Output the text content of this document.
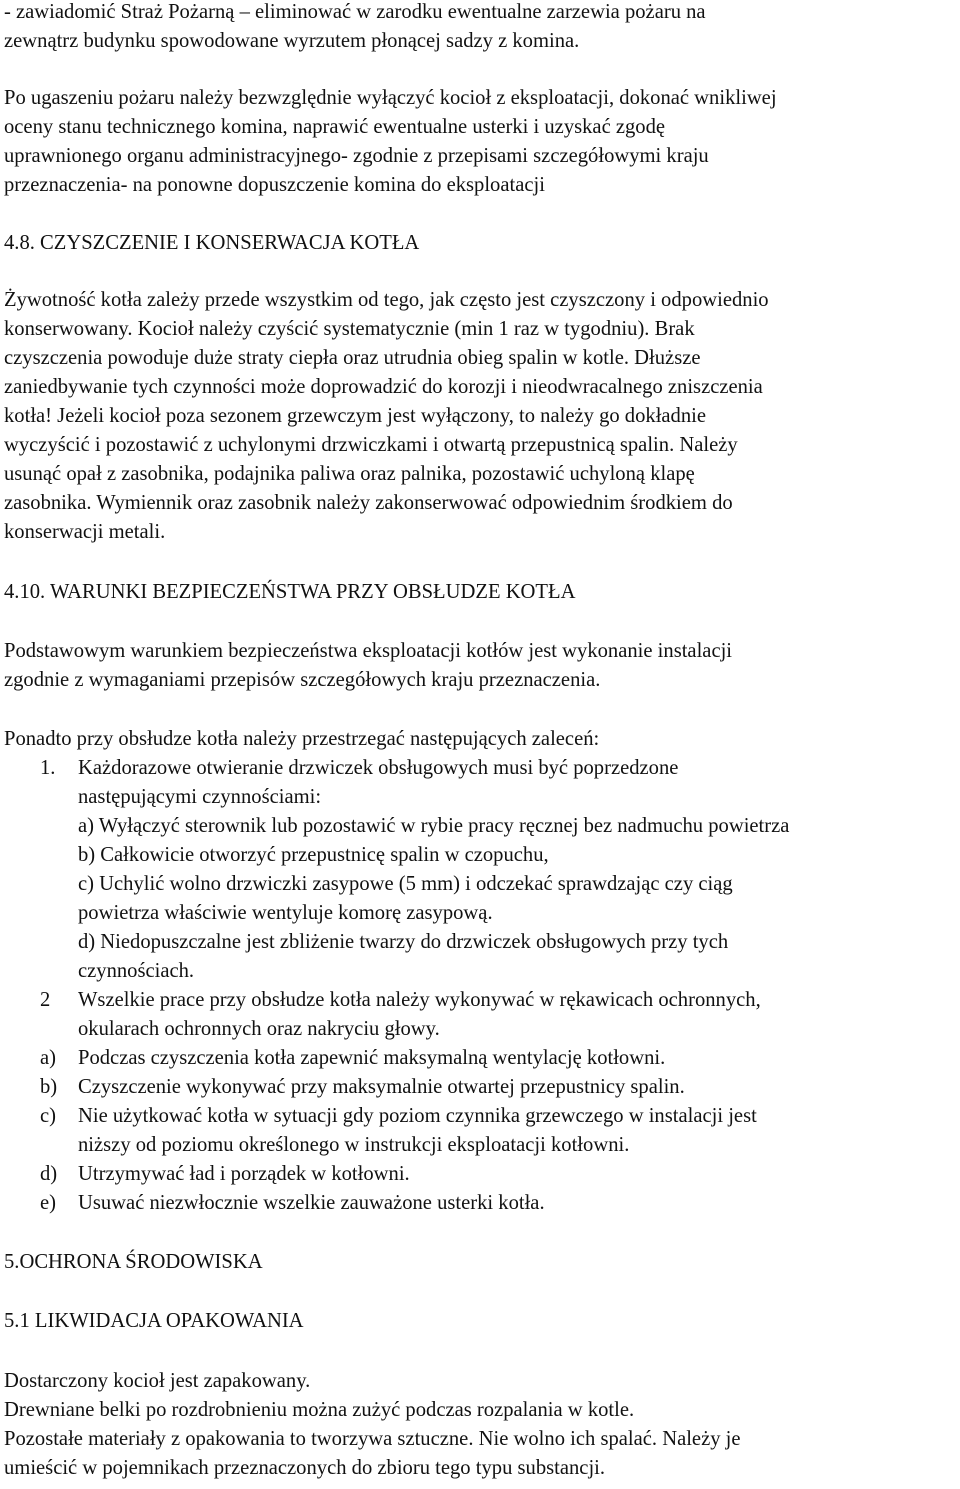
- zawiadomić Straż Pożarną – eliminować w zarodku ewentualne zarzewia pożaru na
zewnątrz budynku spowodowane wyrzutem płonącej sadzy z komina.
Po ugaszeniu pożaru należy bezwzględnie wyłączyć kocioł z eksploatacji, dokonać wnikliwej
oceny stanu technicznego komina, naprawić ewentualne usterki i uzyskać zgodę
uprawnionego organu administracyjnego- zgodnie z przepisami szczegółowymi kraju
przeznaczenia- na ponowne dopuszczenie komina do eksploatacji
4.8. CZYSZCZENIE I KONSERWACJA KOTŁA
Żywotność kotła zależy przede wszystkim od tego, jak często jest czyszczony i odpowiednio
konserwowany. Kocioł należy czyścić systematycznie (min 1 raz w tygodniu). Brak
czyszczenia powoduje duże straty ciepła oraz utrudnia obieg spalin w kotle. Dłuższe
zaniedbywanie tych czynności może doprowadzić do korozji i nieodwracalnego zniszczenia
kotła! Jeżeli kocioł poza sezonem grzewczym jest wyłączony, to należy go dokładnie
wyczyścić i pozostawić z uchylonymi drzwiczkami i otwartą przepustnicą spalin. Należy
usunąć opał z zasobnika, podajnika paliwa oraz palnika, pozostawić uchyloną klapę
zasobnika. Wymiennik oraz zasobnik należy zakonserwować odpowiednim środkiem do
konserwacji metali.
4.10. WARUNKI BEZPIECZEŃSTWA PRZY OBSŁUDZE KOTŁA
Podstawowym warunkiem bezpieczeństwa eksploatacji kotłów jest wykonanie instalacji
zgodnie z wymaganiami przepisów szczegółowych kraju przeznaczenia.
Ponadto przy obsłudze kotła należy przestrzegać następujących zaleceń:
1. Każdorazowe otwieranie drzwiczek obsługowych musi być poprzedzone
następującymi czynnościami:
a) Wyłączyć sterownik lub pozostawić w rybie pracy ręcznej bez nadmuchu powietrza
b) Całkowicie otworzyć przepustnicę spalin w czopuchu,
c) Uchylić wolno drzwiczki zasypowe (5 mm) i odczekać sprawdzając czy ciąg
powietrza właściwie wentyluje komorę zasypową.
d) Niedopuszczalne jest zbliżenie twarzy do drzwiczek obsługowych przy tych
czynnościach.
2 Wszelkie prace przy obsłudze kotła należy wykonywać w rękawicach ochronnych,
okularach ochronnych oraz nakryciu głowy.
a) Podczas czyszczenia kotła zapewnić maksymalną wentylację kotłowni.
b) Czyszczenie wykonywać przy maksymalnie otwartej przepustnicy spalin.
c) Nie użytkować kotła w sytuacji gdy poziom czynnika grzewczego w instalacji jest
niższy od poziomu określonego w instrukcji eksploatacji kotłowni.
d) Utrzymywać ład i porządek w kotłowni.
e) Usuwać niezwłocznie wszelkie zauważone usterki kotła.
5.OCHRONA ŚRODOWISKA
5.1 LIKWIDACJA OPAKOWANIA
Dostarczony kocioł jest zapakowany.
Drewniane belki po rozdrobnieniu można zużyć podczas rozpalania w kotle.
Pozostałe materiały z opakowania to tworzywa sztuczne. Nie wolno ich spalać. Należy je
umieścić w pojemnikach przeznaczonych do zbioru tego typu substancji.
